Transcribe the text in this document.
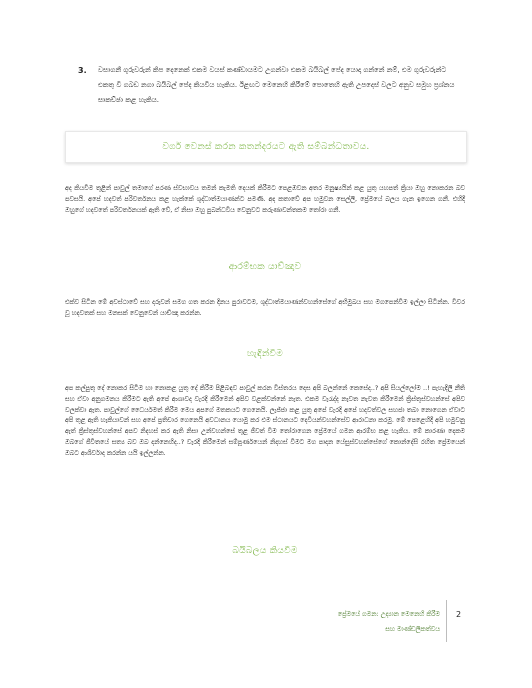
3.	වසාගනී ගුරුවරුන් කිප දෙනෙක් එකම වයස් කණ්ඩායමට උගන්වා එකම බයිබල් පේද යොදා ගන්නේ නම්, එම ගුරුවරුන්ට එකතු වී ගබඩ නගා බයිබල් පේද කියවිය හැකිය. ඊළඟට මෙනෙහි කිරීමේ පොතෙහි ඇති උපදෙස් වලට අනුව සමුහ ප්‍රශ්නය සාකච්ඡා කළ හැකිය.
වර්ග වෙනස් කරන කතන්දරයට ඇති සම්බන්ධතාවය.
අද කියවීම තුළින් පාවුල් තමාගේ පරණ ස්වභාවය තමන් කැමති දෙයක් කිරීමට පෙළඹවන අතර මනුෂ්‍යයින් කළ යුතු යහපත් ක්‍රියා ඔහු නොකරන බව පවසයි. අපේ හදවත් පරිවර්තනය කළ හැක්කේ ශුද්ධාත්මයාණන්ට පමණි. අද කතාවේ අප හමුවන සෙල්ලි, ප්‍රේමයේ බලය ගැන ඉගෙන ගනී. එහිදී ඔහුගේ හදවතේ පරිවර්තනයක් ඇති වේ, ඒ නිසා ඔහු පුබන්ධවිය වෙනුවට කරුණාවන්තකම තෝරා ගනී.
ආරම්භක යාච්ඤාව
එක්ව සිටින මේ අවස්ථාවේ සහ දරුවන් සමග ගත කරන දිනය පුරාවටම, ශුද්ධාත්මයාණන්වහන්සේගේ අභිමුඛය සහ මගපෙන්වීම ඉල්ලා සිටින්න. විවර වූ හදවතක් සහ මනසක් වෙනුවෙන් යාච්ඤා කරන්න.
හැඳින්වීම
අප කල්පුතු දේ නොකර සිටීම හා නොකළ යුතු දේ කිරීම පිළිබඳව පාවුල් කරන විස්තරය දෙස අපි බලන්නේ කෙසේද..? අපි සියල්ලෝම ..! පැහැදිලි නීති සහ ඒවා අනුගමනය කිරීමට ඇති අපේ ආශාවද වැරදි කිරීමෙන් අපිව වළක්වන්නේ නැත. එකම වැරැද්ද නැවත නැවත කිරීමෙන් ක්‍රිස්තුස්වහන්සේ අපිව වලක්වා ඇත. පාවුල්ගේ ධෛර්යමත් කිරීම මෙය අපගේ මතකයට ගෙනෙයි. ලැජ්ජා කළ යුතු අපේ වැරදි අපේ හදවත්වල සහජා තබා නොගෙන ඒවාට අපි තුළ ඇති හැකියාවන් සහ අපේ ප්‍රතිචාර ගෙනෙයි අවධානය යොමු කර එම ස්ථානයට දෙවියන්වහන්සේව ආරාධනා කරමු. මේ පෙළෙහිදී අපි හමුවනු ඇත් ක්‍රිස්තුස්වහන්සේ අපව නිදහස් කර ඇති නිසා උන්වහන්සේ තුළ ජීවත් වීම තෝරාගෙන ප්‍රේමයේ ගමන ආරම්භ කළ හැකිය. මේ කාරණා දෙකම ඔබගේ ජීවිතයේ සත්‍ය බව ඔබ දන්නෙහිද..? වැරදි කිරීමෙන් සම්පූර්ණයෙන් නිදහස් වීමට මග පාදන යේසුස්වහන්සේගේ කොන්දේසි රහිත ප්‍රේමයෙන් ඔබට ආශිර්වාද කරන්න යයි ඉල්ලන්න.
බයිබලය කියවීම
ප්‍රේමයේ ගමන: උද්‍යාන මෙනෙහි කිරීම
සහ මාණ්ඩලිකත්වය
2
